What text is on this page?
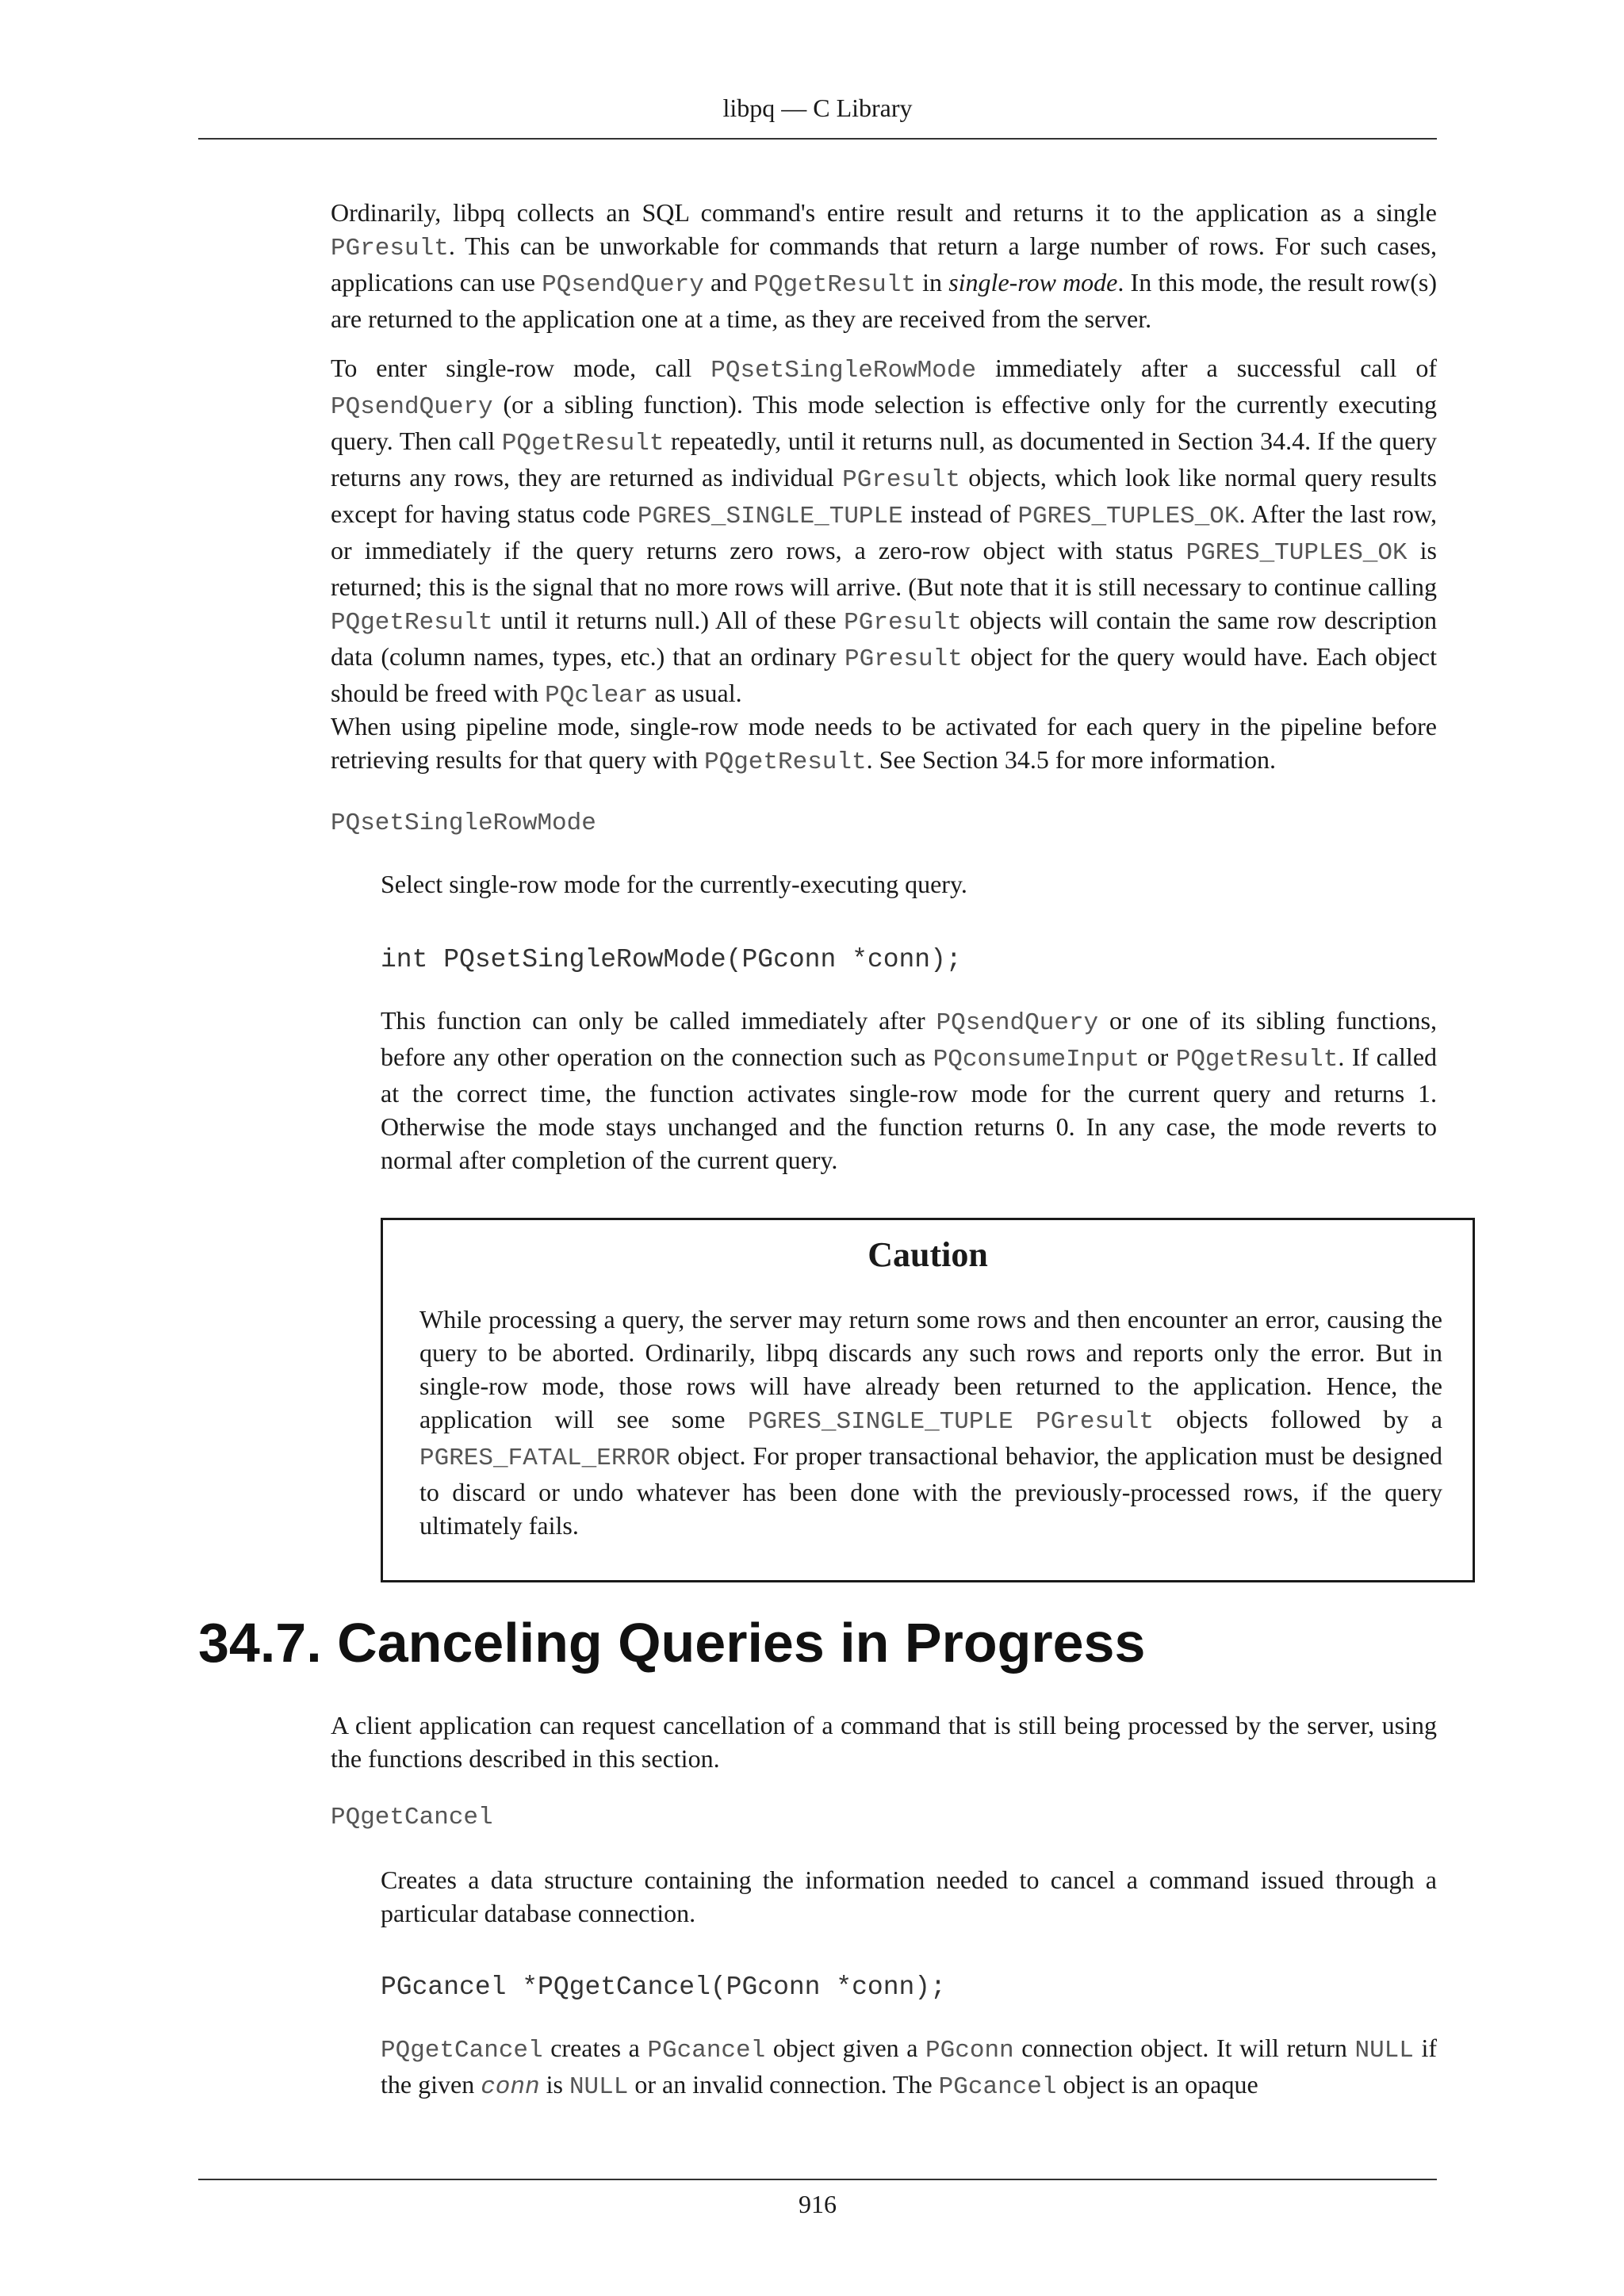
libpq — C Library

Ordinarily, libpq collects an SQL command's entire result and returns it to the application as a single PGresult. This can be unworkable for commands that return a large number of rows. For such cases, applications can use PQsendQuery and PQgetResult in single-row mode. In this mode, the result row(s) are returned to the application one at a time, as they are received from the server.

To enter single-row mode, call PQsetSingleRowMode immediately after a successful call of PQsendQuery (or a sibling function). This mode selection is effective only for the currently executing query. Then call PQgetResult repeatedly, until it returns null, as documented in Section 34.4. If the query returns any rows, they are returned as individual PGresult objects, which look like normal query results except for having status code PGRES_SINGLE_TUPLE instead of PGRES_TUPLES_OK. After the last row, or immediately if the query returns zero rows, a zero-row object with status PGRES_TUPLES_OK is returned; this is the signal that no more rows will arrive. (But note that it is still necessary to continue calling PQgetResult until it returns null.) All of these PGresult objects will contain the same row description data (column names, types, etc.) that an ordinary PGresult object for the query would have. Each object should be freed with PQclear as usual.

When using pipeline mode, single-row mode needs to be activated for each query in the pipeline before retrieving results for that query with PQgetResult. See Section 34.5 for more information.

PQsetSingleRowMode

Select single-row mode for the currently-executing query.

int PQsetSingleRowMode(PGconn *conn);

This function can only be called immediately after PQsendQuery or one of its sibling functions, before any other operation on the connection such as PQconsumeInput or PQgetResult. If called at the correct time, the function activates single-row mode for the current query and returns 1. Otherwise the mode stays unchanged and the function returns 0. In any case, the mode reverts to normal after completion of the current query.

Caution

While processing a query, the server may return some rows and then encounter an error, causing the query to be aborted. Ordinarily, libpq discards any such rows and reports only the error. But in single-row mode, those rows will have already been returned to the application. Hence, the application will see some PGRES_SINGLE_TUPLE PGresult objects followed by a PGRES_FATAL_ERROR object. For proper transactional behavior, the application must be designed to discard or undo whatever has been done with the previously-processed rows, if the query ultimately fails.

34.7. Canceling Queries in Progress

A client application can request cancellation of a command that is still being processed by the server, using the functions described in this section.

PQgetCancel

Creates a data structure containing the information needed to cancel a command issued through a particular database connection.

PGcancel *PQgetCancel(PGconn *conn);

PQgetCancel creates a PGcancel object given a PGconn connection object. It will return NULL if the given conn is NULL or an invalid connection. The PGcancel object is an opaque

916
